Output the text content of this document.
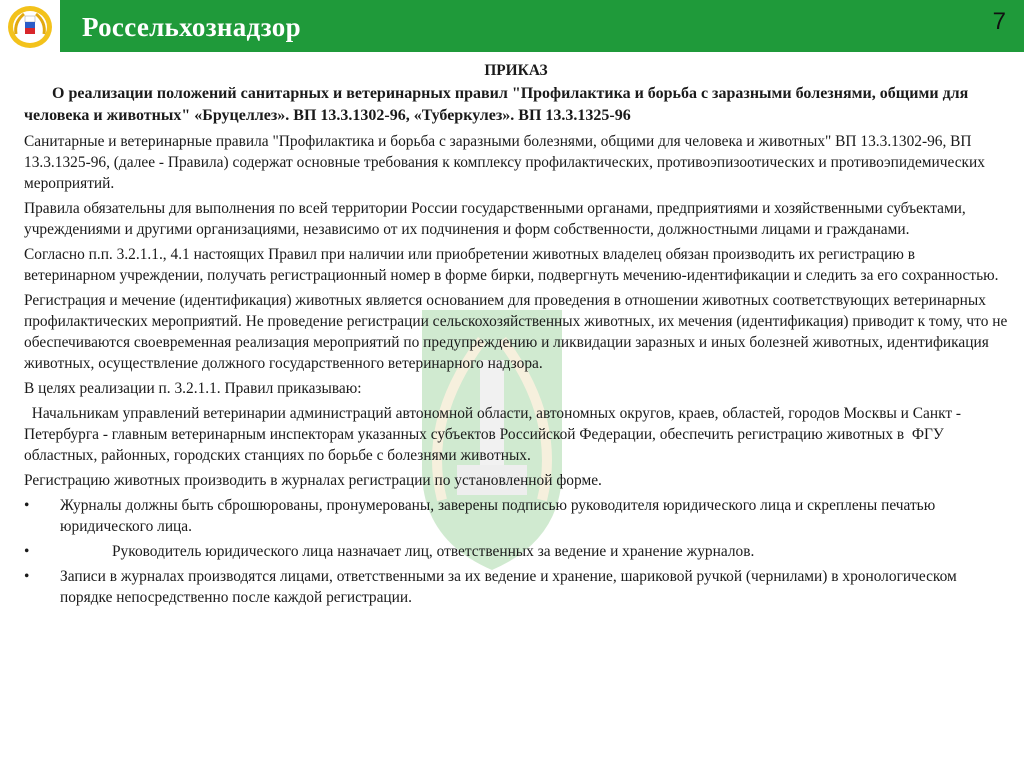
Россельхознадзор	7
ПРИКАЗ
О реализации положений санитарных и ветеринарных правил "Профилактика и борьба с заразными болезнями, общими для человека и животных" «Бруцеллез». ВП 13.3.1302-96, «Туберкулез». ВП 13.3.1325-96

Санитарные и ветеринарные правила "Профилактика и борьба с заразными болезнями, общими для человека и животных" ВП 13.3.1302-96, ВП 13.3.1325-96, (далее - Правила) содержат основные требования к комплексу профилактических, противоэпизоотических и противоэпидемических мероприятий.

Правила обязательны для выполнения по всей территории России государственными органами, предприятиями и хозяйственными субъектами, учреждениями и другими организациями, независимо от их подчинения и форм собственности, должностными лицами и гражданами.

Согласно п.п. 3.2.1.1., 4.1 настоящих Правил при наличии или приобретении животных владелец обязан производить их регистрацию в ветеринарном учреждении, получать регистрационный номер в форме бирки, подвергнуть мечению-идентификации и следить за его сохранностью.

Регистрация и мечение (идентификация) животных является основанием для проведения в отношении животных соответствующих ветеринарных профилактических мероприятий. Не проведение регистрации сельскохозяйственных животных, их мечения (идентификация) приводит к тому, что не обеспечиваются своевременная реализация мероприятий по предупреждению и ликвидации заразных и иных болезней животных, идентификация животных, осуществление должного государственного ветеринарного надзора.

В целях реализации п. 3.2.1.1. Правил приказываю:

Начальникам управлений ветеринарии администраций автономной области, автономных округов, краев, областей, городов Москвы и Санкт - Петербурга - главным ветеринарным инспекторам указанных субъектов Российской Федерации, обеспечить регистрацию животных в  ФГУ областных, районных, городских станциях по борьбе с болезнями животных.

Регистрацию животных производить в журналах регистрации по установленной форме.

• Журналы должны быть сброшюрованы, пронумерованы, заверены подписью руководителя юридического лица и скреплены печатью юридического лица.
•	Руководитель юридического лица назначает лиц, ответственных за ведение и хранение журналов.
• Записи в журналах производятся лицами, ответственными за их ведение и хранение, шариковой ручкой (чернилами) в хронологическом порядке непосредственно после каждой регистрации.
